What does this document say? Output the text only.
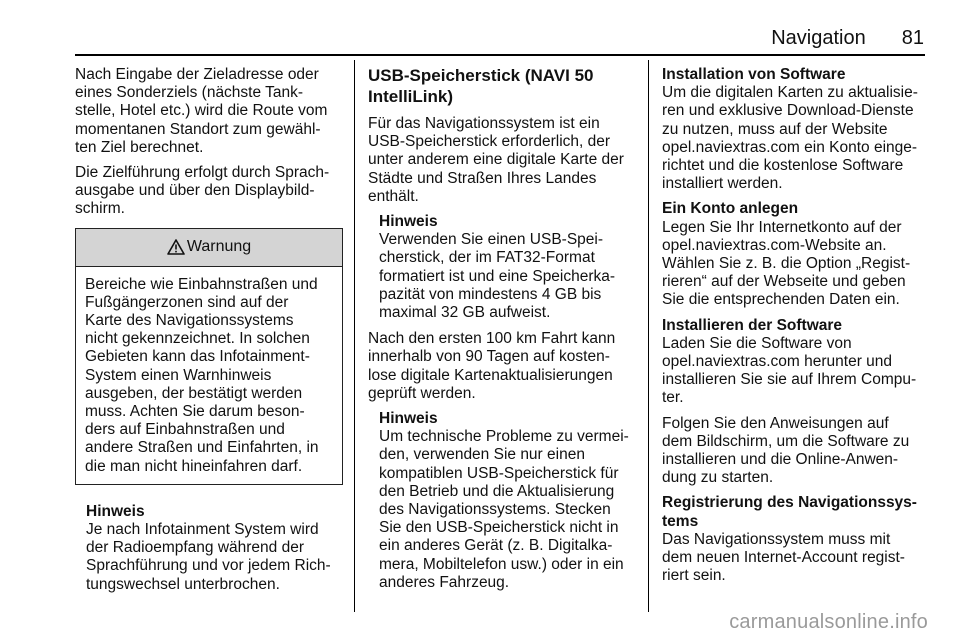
Navigation 81

Nach Eingabe der Zieladresse oder
eines Sonderziels (nächste Tank-
stelle, Hotel etc.) wird die Route vom
momentanen Standort zum gewähl-
ten Ziel berechnet.

Die Zielführung erfolgt durch Sprach-
ausgabe und über den Displaybild-
schirm.

Warnung
Bereiche wie Einbahnstraßen und
Fußgängerzonen sind auf der
Karte des Navigationssystems
nicht gekennzeichnet. In solchen
Gebieten kann das Infotainment-
System einen Warnhinweis
ausgeben, der bestätigt werden
muss. Achten Sie darum beson-
ders auf Einbahnstraßen und
andere Straßen und Einfahrten, in
die man nicht hineinfahren darf.
Hinweis
Je nach Infotainment System wird
der Radioempfang während der
Sprachführung und vor jedem Rich-
tungswechsel unterbrochen.
USB-Speicherstick (NAVI 50
IntelliLink)

Für das Navigationssystem ist ein
USB-Speicherstick erforderlich, der
unter anderem eine digitale Karte der
Städte und Straßen Ihres Landes
enthält.

Hinweis
Verwenden Sie einen USB-Spei-
cherstick, der im FAT32-Format
formatiert ist und eine Speicherka-
pazität von mindestens 4 GB bis
maximal 32 GB aufweist.

Nach den ersten 100 km Fahrt kann
innerhalb von 90 Tagen auf kosten-
lose digitale Kartenaktualisierungen
geprüft werden.

Hinweis
Um technische Probleme zu vermei-
den, verwenden Sie nur einen
kompatiblen USB-Speicherstick für
den Betrieb und die Aktualisierung
des Navigationssystems. Stecken
Sie den USB-Speicherstick nicht in
ein anderes Gerät (z. B. Digitalka-
mera, Mobiltelefon usw.) oder in ein
anderes Fahrzeug.
Installation von Software
Um die digitalen Karten zu aktualisie-
ren und exklusive Download-Dienste
zu nutzen, muss auf der Website
opel.naviextras.com ein Konto einge-
richtet und die kostenlose Software
installiert werden.
Ein Konto anlegen
Legen Sie Ihr Internetkonto auf der
opel.naviextras.com-Website an.
Wählen Sie z. B. die Option „Regist-
rieren“ auf der Webseite und geben
Sie die entsprechenden Daten ein.
Installieren der Software
Laden Sie die Software von
opel.naviextras.com herunter und
installieren Sie sie auf Ihrem Compu-
ter.
Folgen Sie den Anweisungen auf
dem Bildschirm, um die Software zu
installieren und die Online-Anwen-
dung zu starten.
Registrierung des Navigationssys-
tems
Das Navigationssystem muss mit
dem neuen Internet-Account regist-
riert sein.
carmanualsonline.info
